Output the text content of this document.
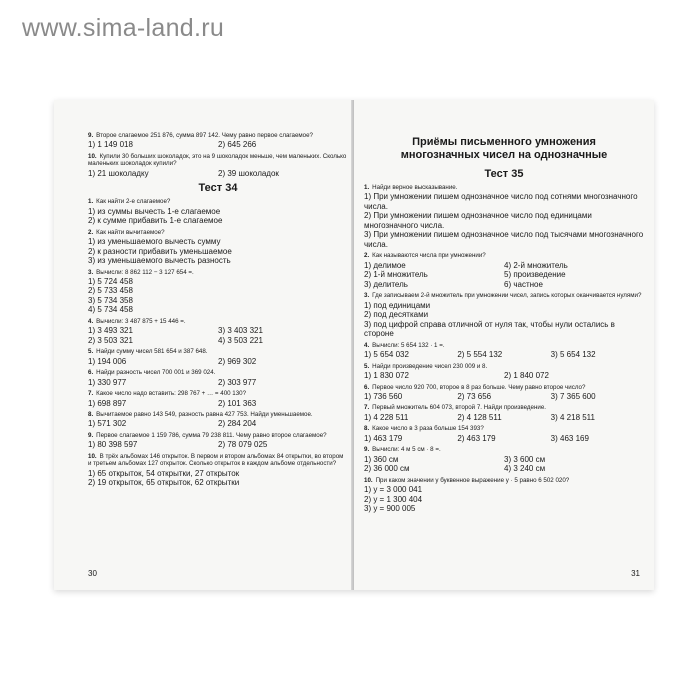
www.sima-land.ru
9. Второе слагаемое 251 876, сумма 897 142. Чему равно первое слагаемое?
1) 1 149 018	2) 645 266
10. Купили 30 больших шоколадок, это на 9 шоколадок меньше, чем маленьких. Сколько маленьких шоколадок купили?
1) 21 шоколадку	2) 39 шоколадок
Тест 34
1. Как найти 2-е слагаемое?
1) из суммы вычесть 1-е слагаемое
2) к сумме прибавить 1-е слагаемое
2. Как найти вычитаемое?
1) из уменьшаемого вычесть сумму
2) к разности прибавить уменьшаемое
3) из уменьшаемого вычесть разность
3. Вычисли: 8 862 112 − 3 127 654 =.
1) 5 724 458
2) 5 733 458
3) 5 734 358
4) 5 734 458
4. Вычисли: 3 487 875 + 15 446 =.
1) 3 493 321	3) 3 403 321
2) 3 503 321	4) 3 503 221
5. Найди сумму чисел 581 654 и 387 648.
1) 194 006	2) 969 302
6. Найди разность чисел 700 001 и 369 024.
1) 330 977	2) 303 977
7. Какое число надо вставить: 298 767 + … = 400 130?
1) 698 897	2) 101 363
8. Вычитаемое равно 143 549, разность равна 427 753. Найди уменьшаемое.
1) 571 302	2) 284 204
9. Первое слагаемое 1 159 786, сумма 79 238 811. Чему равно второе слагаемое?
1) 80 398 597	2) 78 079 025
10. В трёх альбомах 146 открыток. В первом и втором альбомах 84 открытки, во втором и третьем альбомах 127 открыток. Сколько открыток в каждом альбоме отдельности?
1) 65 открыток, 54 открытки, 27 открыток
2) 19 открыток, 65 открыток, 62 открытки
30
Приёмы письменного умножения
многозначных чисел на однозначные
Тест 35
1. Найди верное высказывание.
1) При умножении пишем однозначное число под сотнями многозначного числа.
2) При умножении пишем однозначное число под единицами многозначного числа.
3) При умножении пишем однозначное число под тысячами многозначного числа.
2. Как называются числа при умножении?
1) делимое	4) 2-й множитель
2) 1-й множитель	5) произведение
3) делитель	6) частное
3. Где записываем 2-й множитель при умножении чисел, запись которых оканчивается нулями?
1) под единицами
2) под десятками
3) под цифрой справа отличной от нуля так, чтобы нули остались в стороне
4. Вычисли: 5 654 132 · 1 =.
1) 5 654 032	2) 5 554 132	3) 5 654 132
5. Найди произведение чисел 230 009 и 8.
1) 1 830 072	2) 1 840 072
6. Первое число 920 700, второе в 8 раз больше. Чему равно второе число?
1) 736 560	2) 73 656	3) 7 365 600
7. Первый множитель 604 073, второй 7. Найди произведение.
1) 4 228 511	2) 4 128 511	3) 4 218 511
8. Какое число в 3 раза больше 154 393?
1) 463 179	2) 463 179	3) 463 169
9. Вычисли: 4 м 5 см · 8 =.
1) 360 см	3) 3 600 см
2) 36 000 см	4) 3 240 см
10. При каком значении у буквенное выражение у · 5 равно 6 502 020?
1) у = 3 000 041
2) у = 1 300 404
3) у = 900 005
31
